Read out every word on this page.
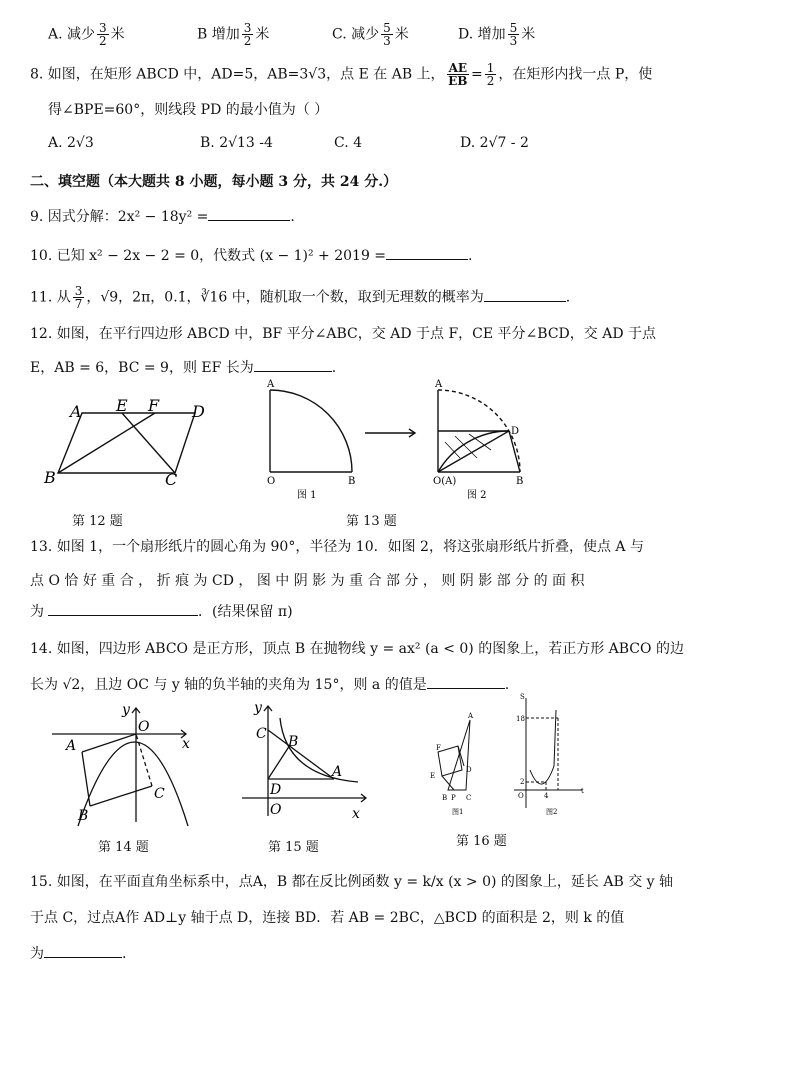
A. 减少 $\frac{3}{2}$ 米	B 增加 $\frac{3}{2}$ 米	C. 减少 $\frac{5}{3}$ 米	D. 增加 $\frac{5}{3}$ 米
8. 如图，在矩形 ABCD 中，AD=5，AB=3√3，点 E 在 AB 上， $\frac{AE}{EB} = \frac{1}{2}$ ，在矩形内找一点 P，使
得∠BPE=60°，则线段 PD 的最小值为（ ）
A. 2√3	B. 2√13 -4	C. 4	D. 2√7 - 2
二、填空题（本大题共 8 小题，每小题 3 分，共 24 分.）
9. 因式分解：2x² − 18y² =	.
10. 已知 x² − 2x − 2 = 0，代数式 (x − 1)² + 2019 =	.
11. 从 $\frac{3}{7}$ ，√9，2π，0.1̇，∛16 中，随机取一个数，取到无理数的概率为	.
12. 如图，在平行四边形 ABCD 中，BF 平分∠ABC，交 AD 于点 F，CE 平分∠BCD，交 AD 于点
E，AB = 6，BC = 9，则 EF 长为	.
A E F D
B	C
第 12 题
A
O	B
图 1
A
D
O(A)	B
图 2
第 13 题
13. 如图 1，一个扇形纸片的圆心角为 90°，半径为 10．如图 2，将这张扇形纸片折叠，使点 A 与
点 O 恰 好 重 合 ， 折 痕 为 CD ， 图 中 阴 影 为 重 合 部 分 ， 则 阴 影 部 分 的 面 积
为	．(结果保留 π)
14. 如图，四边形 ABCO 是正方形，顶点 B 在抛物线 y = ax² (a < 0) 的图象上，若正方形 ABCO 的边
长为 √2，且边 OC 与 y 轴的负半轴的夹角为 15°，则 a 的值是	.
y
O
x
A
B
C
第 14 题
y
C B
A
D
O	x
第 15 题
A
F
D
E
B P C
图1
S
18
2
O	4
t
图2
第 16 题
15. 如图，在平面直角坐标系中，点A，B 都在反比例函数 y = k/x (x > 0) 的图象上，延长 AB 交 y 轴
于点 C，过点A作 AD⊥y 轴于点 D，连接 BD．若 AB = 2BC，△BCD 的面积是 2，则 k 的值
为	.
